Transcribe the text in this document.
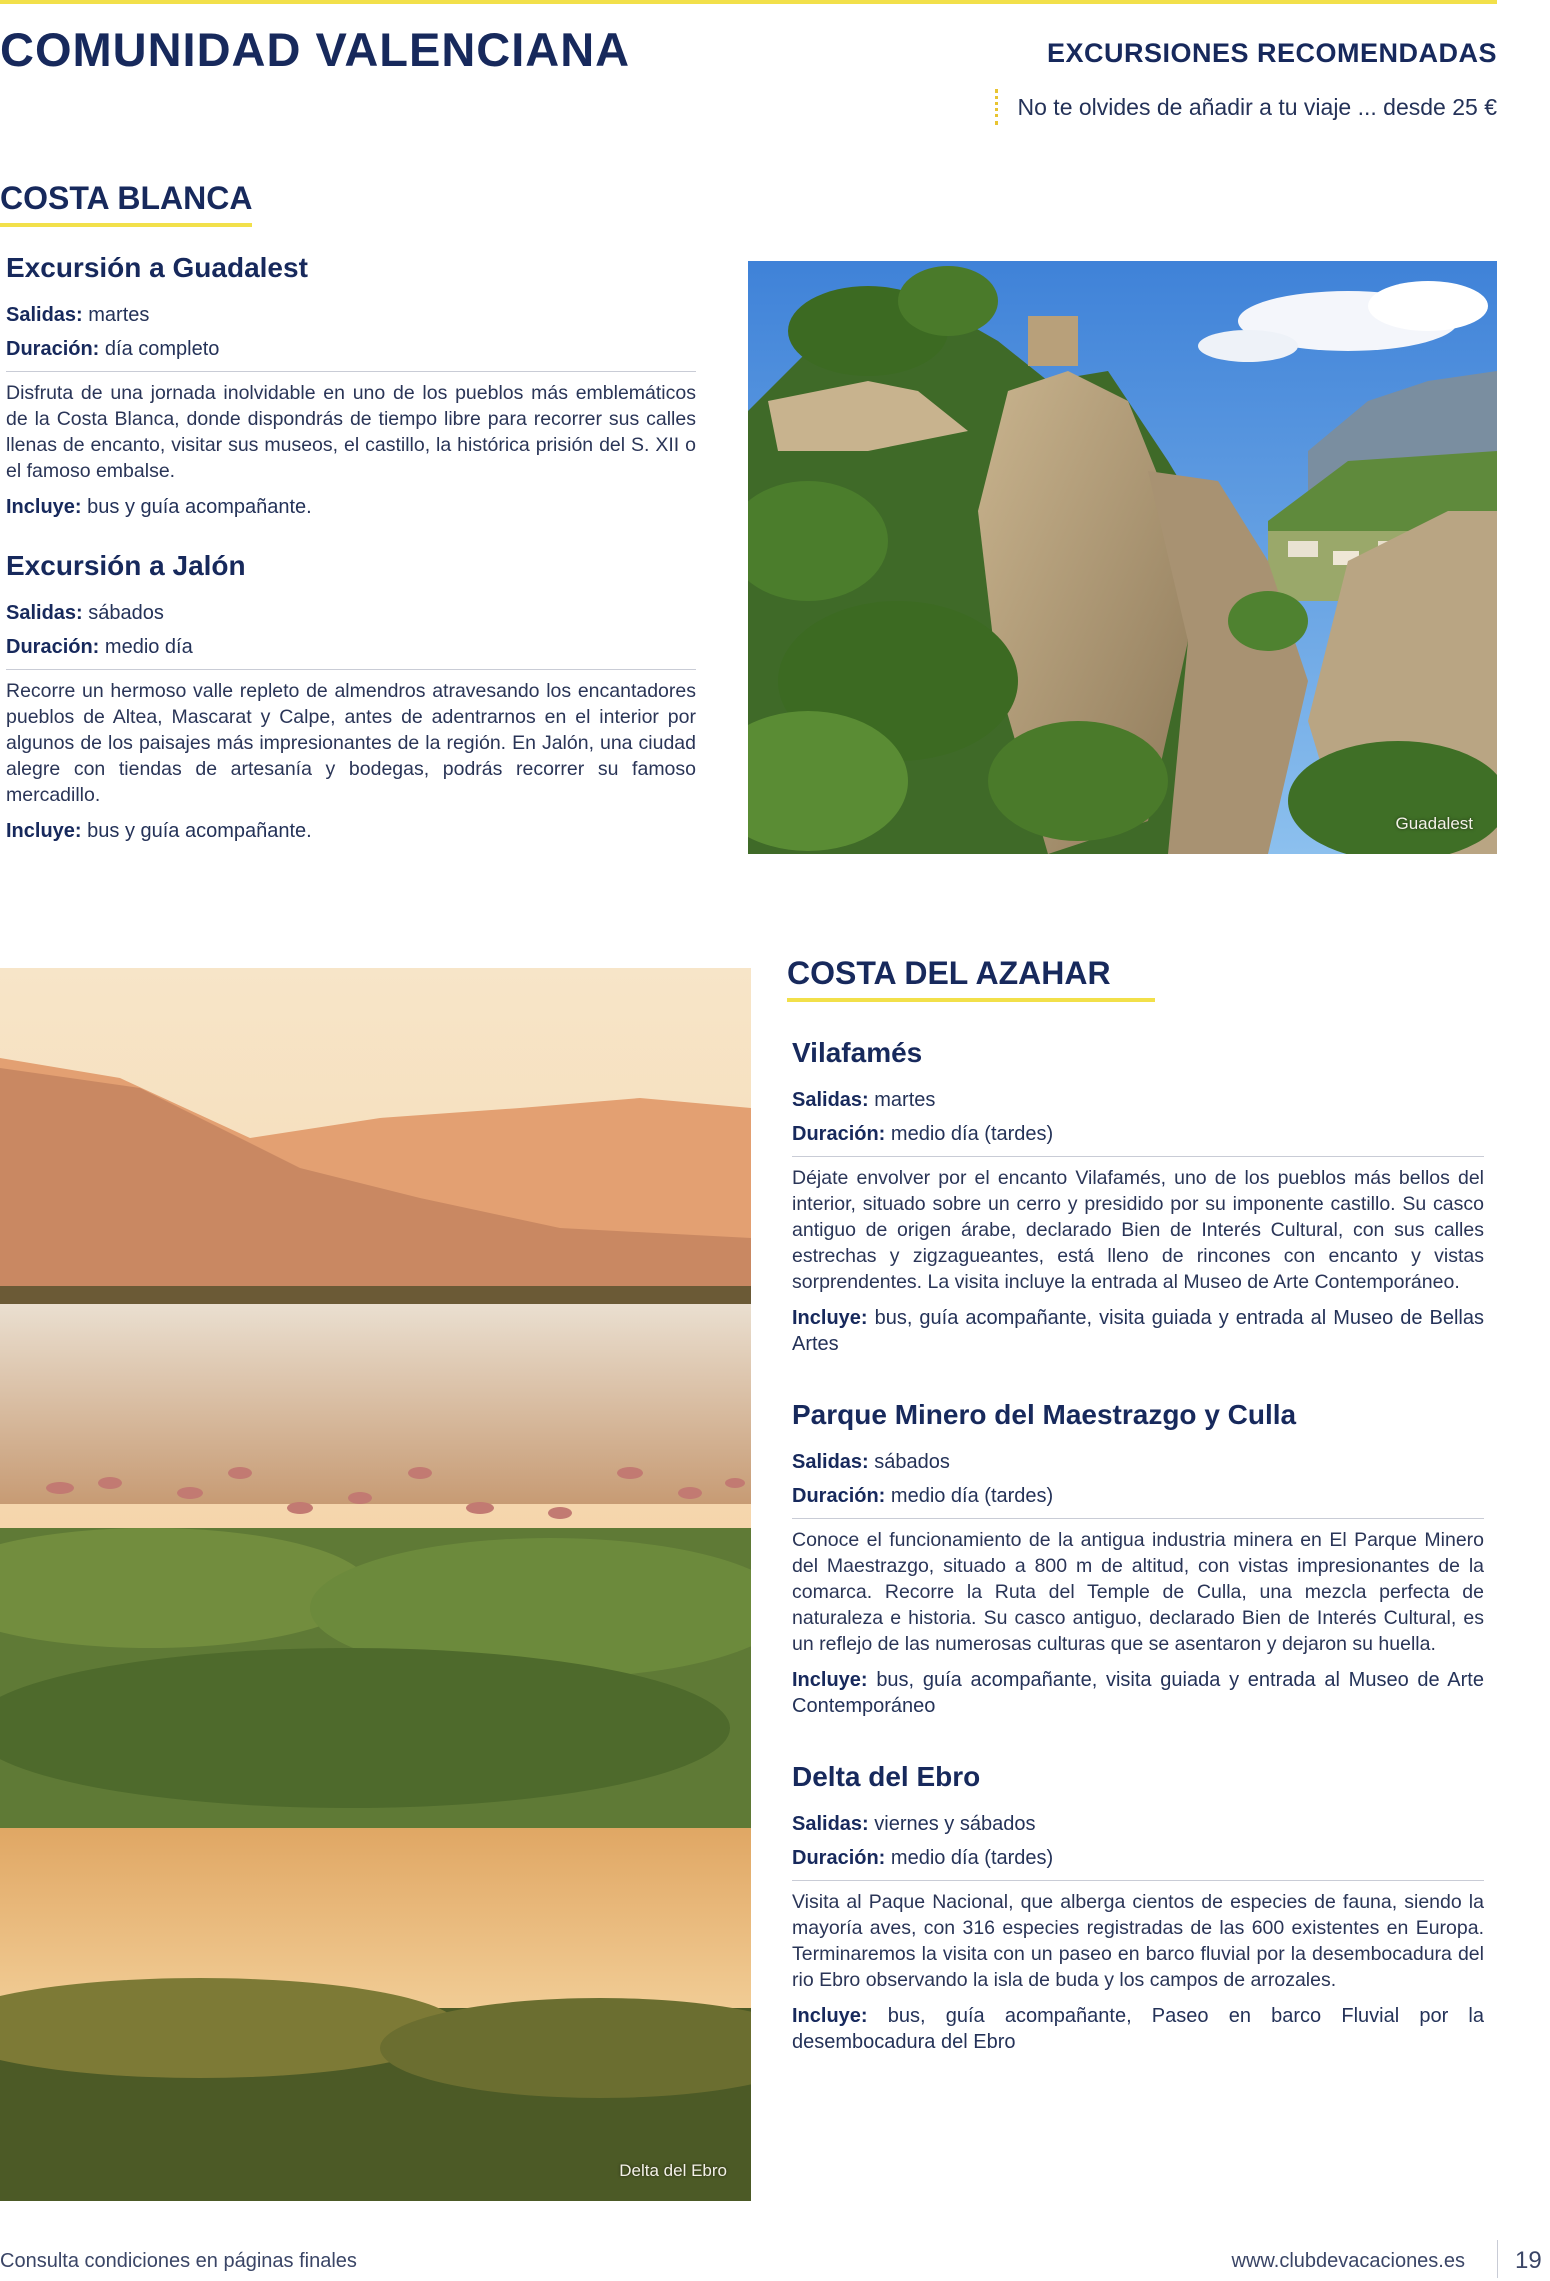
COMUNIDAD VALENCIANA	EXCURSIONES RECOMENDADAS
No te olvides de añadir a tu viaje ... desde 25 €
COSTA BLANCA
Excursión a Guadalest
Salidas: martes
Duración: día completo

Disfruta de una jornada inolvidable en uno de los pueblos más emblemáticos de la Costa Blanca, donde dispondrás de tiempo libre para recorrer sus calles llenas de encanto, visitar sus museos, el castillo, la histórica prisión del S. XII o el famoso embalse.

Incluye: bus y guía acompañante.

Excursión a Jalón
Salidas: sábados
Duración: medio día

Recorre un hermoso valle repleto de almendros atravesando los encantadores pueblos de Altea, Mascarat y Calpe, antes de adentrarnos en el interior por algunos de los paisajes más impresionantes de la región. En Jalón, una ciudad alegre con tiendas de artesanía y bodegas, podrás recorrer su famoso mercadillo.

Incluye: bus y guía acompañante.	Guadalest
Delta del Ebro
COSTA DEL AZAHAR
Vilafamés
Salidas: martes
Duración: medio día (tardes)

Déjate envolver por el encanto Vilafamés, uno de los pueblos más bellos del interior, situado sobre un cerro y presidido por su imponente castillo. Su casco antiguo de origen árabe, declarado Bien de Interés Cultural, con sus calles estrechas y zigzagueantes, está lleno de rincones con encanto y vistas sorprendentes. La visita incluye la entrada al Museo de Arte Contemporáneo.

Incluye: bus, guía acompañante, visita guiada y entrada al Museo de Bellas Artes

Parque Minero del Maestrazgo y Culla
Salidas: sábados
Duración: medio día (tardes)

Conoce el funcionamiento de la antigua industria minera en El Parque Minero del Maestrazgo, situado a 800 m de altitud, con vistas impresionantes de la comarca. Recorre la Ruta del Temple de Culla, una mezcla perfecta de naturaleza e historia. Su casco antiguo, declarado Bien de Interés Cultural, es un reflejo de las numerosas culturas que se asentaron y dejaron su huella.

Incluye: bus, guía acompañante, visita guiada y entrada al Museo de Arte Contemporáneo

Delta del Ebro
Salidas: viernes y sábados
Duración: medio día (tardes)

Visita al Paque Nacional, que alberga cientos de especies de fauna, siendo la mayoría aves, con 316 especies registradas de las 600 existentes en Europa. Terminaremos la visita con un paseo en barco fluvial por la desembocadura del rio Ebro observando la isla de buda y los campos de arrozales.

Incluye: bus, guía acompañante, Paseo en barco Fluvial por la desembocadura del Ebro

Consulta condiciones en páginas finales	www.clubdevacaciones.es 19
